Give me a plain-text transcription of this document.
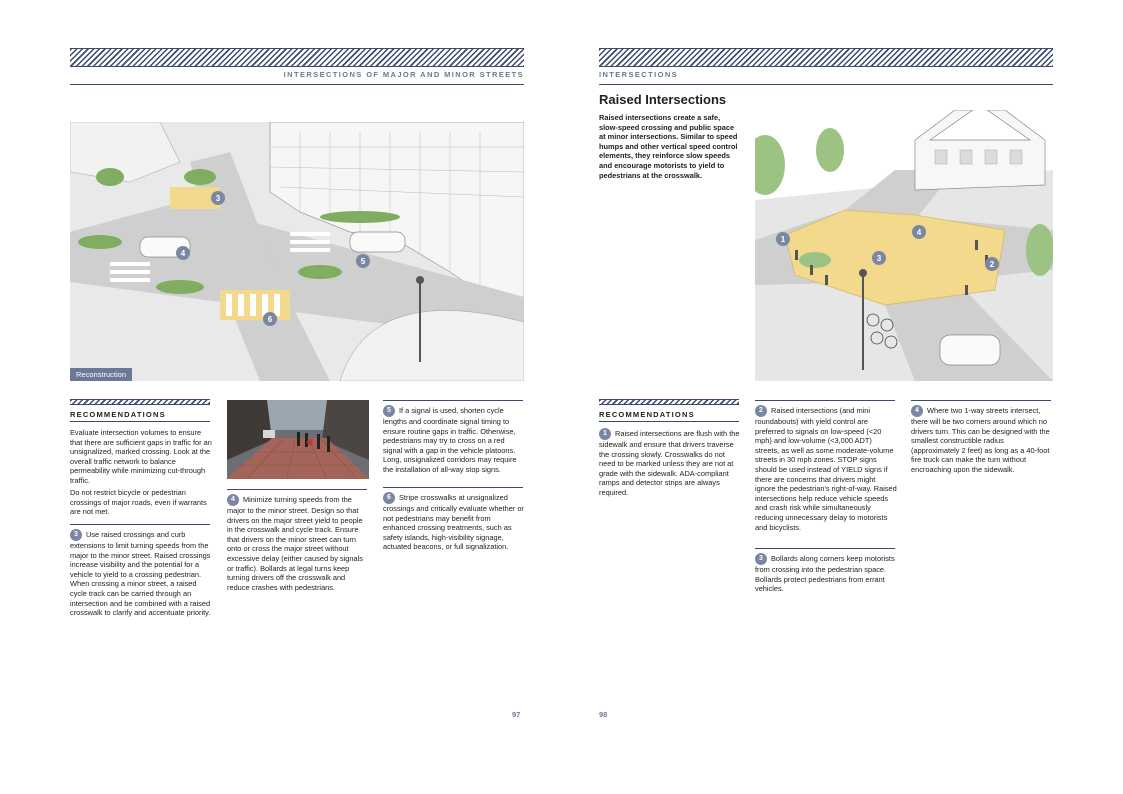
INTERSECTIONS OF MAJOR AND MINOR STREETS
3
4
5
6
Reconstruction
RECOMMENDATIONS

Evaluate intersection volumes to ensure that there are sufficient gaps in traffic for an unsignalized, marked crossing. Look at the overall traffic network to balance permeability while minimizing cut-through traffic.

Do not restrict bicycle or pedestrian crossings of major roads, even if warrants are not met.

3 Use raised crossings and curb extensions to limit turning speeds from the major to the minor street. Raised crossings increase visibility and the potential for a vehicle to yield to a crossing pedestrian. When crossing a minor street, a raised cycle track can be carried through an intersection and be combined with a raised crosswalk to clarify and accentuate priority.
4 Minimize turning speeds from the major to the minor street. Design so that drivers on the major street yield to people in the crosswalk and cycle track. Ensure that drivers on the minor street can turn onto or cross the major street without excessive delay (either caused by signals or traffic). Bollards at legal turns keep turning drivers off the crosswalk and reduce crashes with pedestrians.
5 If a signal is used, shorten cycle lengths and coordinate signal timing to ensure routine gaps in traffic. Otherwise, pedestrians may try to cross on a red signal with a gap in the vehicle platoons. Long, unsignalized corridors may require the installation of all-way stop signs.
6 Stripe crosswalks at unsignalized crossings and critically evaluate whether or not pedestrians may benefit from enhanced crossing treatments, such as safety islands, high-visibility signage, actuated beacons, or full signalization.
97
INTERSECTIONS
Raised Intersections

Raised intersections create a safe, slow-speed crossing and public space at minor intersections. Similar to speed humps and other vertical speed control elements, they reinforce slow speeds and encourage motorists to yield to pedestrians at the crosswalk.

1
2
3
4
RECOMMENDATIONS
1 Raised intersections are flush with the sidewalk and ensure that drivers traverse the crossing slowly. Crosswalks do not need to be marked unless they are not at grade with the sidewalk. ADA-compliant ramps and detector strips are always required.
2 Raised intersections (and mini roundabouts) with yield control are preferred to signals on low-speed (<20 mph) and low-volume (<3,000 ADT) streets, as well as some moderate-volume streets in 30 mph zones. STOP signs should be used instead of YIELD signs if there are concerns that drivers might ignore the pedestrian's right-of-way. Raised intersections help reduce vehicle speeds and crash risk while simultaneously reducing unnecessary delay to motorists and bicyclists.
3 Bollards along corners keep motorists from crossing into the pedestrian space. Bollards protect pedestrians from errant vehicles.
4 Where two 1-way streets intersect, there will be two corners around which no drivers turn. This can be designed with the smallest constructible radius (approximately 2 feet) as long as a 40-foot fire truck can make the turn without encroaching upon the sidewalk.
98
